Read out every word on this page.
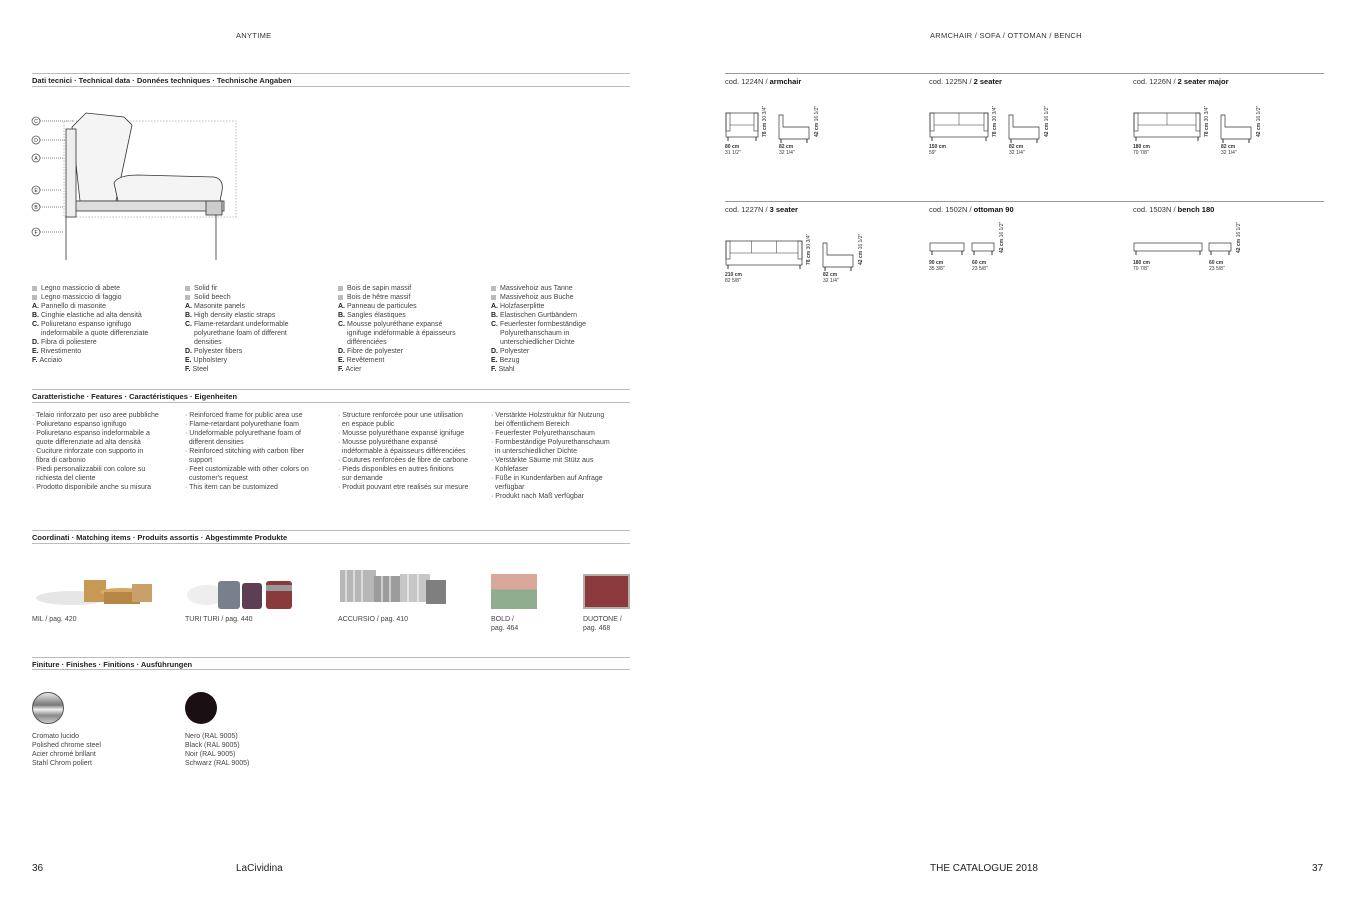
ANYTIME
Dati tecnici · Technical data · Données techniques · Technische Angaben
C
D
A
E
B
F
Legno massiccio di abete
Legno massiccio di faggio
A. Pannello di masonite
B. Cinghie elastiche ad alta densità
C. Poliuretano espanso ignifugo
indeformabile a quote differenziate
D. Fibra di poliestere
E. Rivestimento
F. Acciaio
Solid fir
Solid beech
A. Masonite panels
B. High density elastic straps
C. Flame-retardant undeformable
polyurethane foam of different
densities
D. Polyester fibers
E. Upholstery
F. Steel
Bois de sapin massif
Bois de hêtre massif
A. Panneau de particules
B. Sangles élastiques
C. Mousse polyuréthane expansé
ignifuge indéformable à épaisseurs
différenciées
D. Fibre de polyester
E. Revêtement
F. Acier
Massivehoiz aus Tanne
Massivehoiz aus Buche
A. Holzfaserplitte
B. Elastischen Gurtbändern
C. Feuerfester formbeständige
Polyurethanschaum in
unterschiedlicher Dichte
D. Polyester
E. Bezug
F. Stahl
Caratteristiche · Features · Caractéristiques · Eigenheiten
· Telaio rinforzato per uso aree pubbliche
· Poliuretano espanso ignifugo
· Poliuretano espanso indeformabile a
quote differenziate ad alta densità
· Cuciture rinforzate con supporto in
fibra di carbonio
· Piedi personalizzabili con colore su
richiesta del cliente
· Prodotto disponibile anche su misura
· Reinforced frame for public area use
· Flame-retardant polyurethane foam
· Undeformable polyurethane foam of
different densities
· Reinforced stitching with carbon fiber
support
· Feet customizable with other colors on
customer's request
· This item can be customized
· Structure renforcée pour une utilisation
en espace public
· Mousse polyuréthane expansé ignifuge
· Mousse polyuréthane expansé
indéformable à épaisseurs différenciées
· Coutures renforcées de fibre de carbone
· Pieds disponibles en autres finitions
sur demande
· Produit pouvant etre realisés sur mesure
· Verstärkte Holzstruktur für Nutzung
bei öffentlichem Bereich
· Feuerfester Polyurethanschaum
· Formbeständige Polyurethanschaum
in unterschiedlicher Dichte
· Verstärkte Säume mit Stütz aus
Kohlefaser
· Füße in Kundenfarben auf Anfrage
verfügbar
· Produkt nach Maß verfügbar
Coordinati · Matching items · Produits assortis · Abgestimmte Produkte
MIL / pag. 420	TURI TURI / pag. 440	ACCURSIO / pag. 410	BOLD /
pag. 464
DUOTONE /
pag. 468
Finiture · Finishes · Finitions · Ausführungen
Cromato lucido
Polished chrome steel
Acier chromé brillant
Stahl Chrom poliert
Nero (RAL 9005)
Black (RAL 9005)
Noir (RAL 9005)
Schwarz (RAL 9005)
36	LaCividina
ARMCHAIR / SOFA / OTTOMAN / BENCH
cod. 1224N / armchair
80 cm
31 1/2"
82 cm
32 1/4"
78 cm 30 3/4"
42 cm 16 1/2"
cod. 1225N / 2 seater
150 cm
59"
82 cm
32 1/4"
78 cm 30 3/4"
42 cm 16 1/2"
cod. 1226N / 2 seater major
180 cm
70 7/8"
82 cm
32 1/4"
78 cm 30 3/4"
42 cm 16 1/2"
cod. 1227N / 3 seater
210 cm
82 5/8"
82 cm
32 1/4"
78 cm 30 3/4"
42 cm 16 1/2"
cod. 1502N / ottoman 90
90 cm
35 3/8"
60 cm
23 5/8"
42 cm 16 1/2"
cod. 1503N / bench 180
180 cm
70 7/8"
60 cm
23 5/8"
42 cm 16 1/2"
THE CATALOGUE 2018	37
